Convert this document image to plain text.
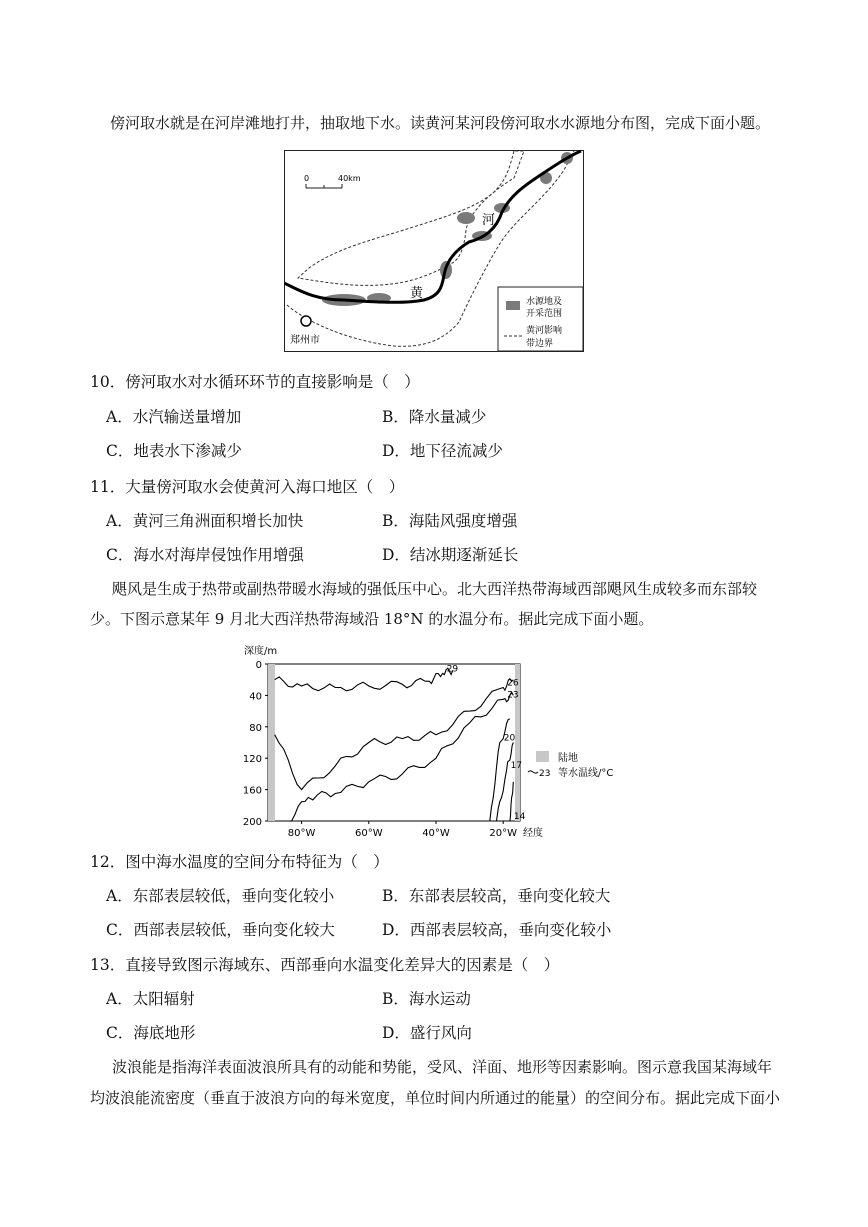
傍河取水就是在河岸滩地打井，抽取地下水。读黄河某河段傍河取水水源地分布图，完成下面小题。

0	40km
河
黄
郑州市
水源地及
开采范围
黄河影响
带边界
10．傍河取水对水循环环节的直接影响是（　）
A．水汽输送量增加	B．降水量减少
C．地表水下渗减少	D．地下径流减少
11．大量傍河取水会使黄河入海口地区（　）
A．黄河三角洲面积增长加快	B．海陆风强度增强
C．海水对海岸侵蚀作用增强	D．结冰期逐渐延长
飓风是生成于热带或副热带暖水海域的强低压中心。北大西洋热带海域西部飓风生成较多而东部较
少。下图示意某年 9 月北大西洋热带海域沿 18°N 的水温分布。据此完成下面小题。
深度/m
0
40
80
120
160
200
80°W	60°W	40°W	20°W 经度
29
26
23
20
17
14
陆地
23 等水温线/°C
12．图中海水温度的空间分布特征为（　）
A．东部表层较低，垂向变化较小	B．东部表层较高，垂向变化较大
C．西部表层较低，垂向变化较大	D．西部表层较高，垂向变化较小
13．直接导致图示海域东、西部垂向水温变化差异大的因素是（　）
A．太阳辐射	B．海水运动
C．海底地形	D．盛行风向
波浪能是指海洋表面波浪所具有的动能和势能，受风、洋面、地形等因素影响。图示意我国某海域年
均波浪能流密度（垂直于波浪方向的每米宽度，单位时间内所通过的能量）的空间分布。据此完成下面小
